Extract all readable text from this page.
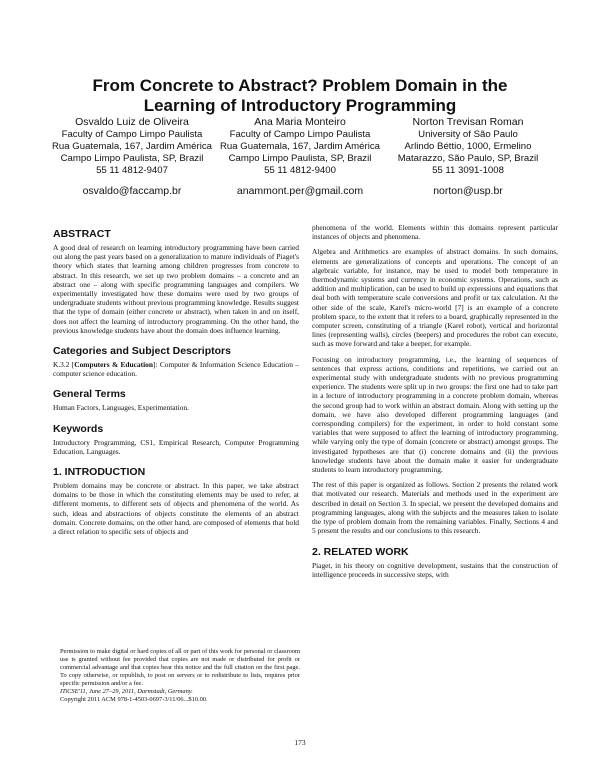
From Concrete to Abstract? Problem Domain in the Learning of Introductory Programming
Osvaldo Luiz de Oliveira
Faculty of Campo Limpo Paulista
Rua Guatemala, 167, Jardim América
Campo Limpo Paulista, SP, Brazil
55 11 4812-9407
osvaldo@faccamp.br
Ana Maria Monteiro
Faculty of Campo Limpo Paulista
Rua Guatemala, 167, Jardim América
Campo Limpo Paulista, SP, Brazil
55 11 4812-9400
anammont.per@gmail.com
Norton Trevisan Roman
University of São Paulo
Arlindo Béttio, 1000, Ermelino
Matarazzo, São Paulo, SP, Brazil
55 11 3091-1008
norton@usp.br
ABSTRACT

A good deal of research on learning introductory programming have been carried out along the past years based on a generalization to mature individuals of Piaget's theory which states that learning among children progresses from concrete to abstract. In this research, we set up two problem domains – a concrete and an abstract one – along with specific programming languages and compilers. We experimentally investigated how these domains were used by two groups of undergraduate students without previous programming knowledge. Results suggest that the type of domain (either concrete or abstract), when taken in and on itself, does not affect the learning of introductory programming. On the other hand, the previous knowledge students have about the domain does influence learning.

Categories and Subject Descriptors

K.3.2 [Computers & Education]: Computer & Information Science Education – computer science education.

General Terms

Human Factors, Languages, Experimentation.

Keywords

Introductory Programming, CS1, Empirical Research, Computer Programming Education, Languages.

1. INTRODUCTION

Problem domains may be concrete or abstract. In this paper, we take abstract domains to be those in which the constituting elements may be used to refer, at different moments, to different sets of objects and phenomena of the world. As such, ideas and abstractions of objects constitute the elements of an abstract domain. Concrete domains, on the other hand, are composed of elements that hold a direct relation to specific sets of objects and

Permission to make digital or hard copies of all or part of this work for personal or classroom use is granted without fee provided that copies are not made or distributed for profit or commercial advantage and that copies bear this notice and the full citation on the first page. To copy otherwise, or republish, to post on servers or to redistribute to lists, requires prior specific permission and/or a fee.

ITiCSE'11, June 27–29, 2011, Darmstadt, Germany.

Copyright 2011 ACM 978-1-4503-0697-3/11/06...$10.00.

phenomena of the world. Elements within this domains represent particular instances of objects and phenomena.

Algebra and Arithmetics are examples of abstract domains. In such domains, elements are generalizations of concepts and operations. The concept of an algebraic variable, for instance, may be used to model both temperature in thermodynamic systems and currency in economic systems. Operations, such as addition and multiplication, can be used to build up expressions and equations that deal both with temperature scale conversions and profit or tax calculation. At the other side of the scale, Karel's micro-world [7] is an example of a concrete problem space, to the extent that it refers to a board, graphically represented in the computer screen, constituting of a triangle (Karel robot), vertical and horizontal lines (representing walls), circles (beepers) and procedures the robot can execute, such as move forward and take a beeper, for example.

Focusing on introductory programming, i.e., the learning of sequences of sentences that express actions, conditions and repetitions, we carried out an experimental study with undergraduate students with no previous programming experience. The students were split up in two groups: the first one had to take part in a lecture of introductory programming in a concrete problem domain, whereas the second group had to work within an abstract domain. Along with setting up the domain, we have also developed different programming languages (and corresponding compilers) for the experiment, in order to hold constant some variables that were supposed to affect the learning of introductory programming, while varying only the type of domain (concrete or abstract) amongst groups. The investigated hypotheses are that (i) concrete domains and (ii) the previous knowledge students have about the domain make it easier for undergraduate students to learn introductory programming.

The rest of this paper is organized as follows. Section 2 presents the related work that motivated our research. Materials and methods used in the experiment are described in detail on Section 3. In special, we present the developed domains and programming languages, along with the subjects and the measures taken to isolate the type of problem domain from the remaining variables. Finally, Sections 4 and 5 present the results and our conclusions to this research.

2. RELATED WORK

Piaget, in his theory on cognitive development, sustains that the construction of intelligence proceeds in successive steps, with

173
